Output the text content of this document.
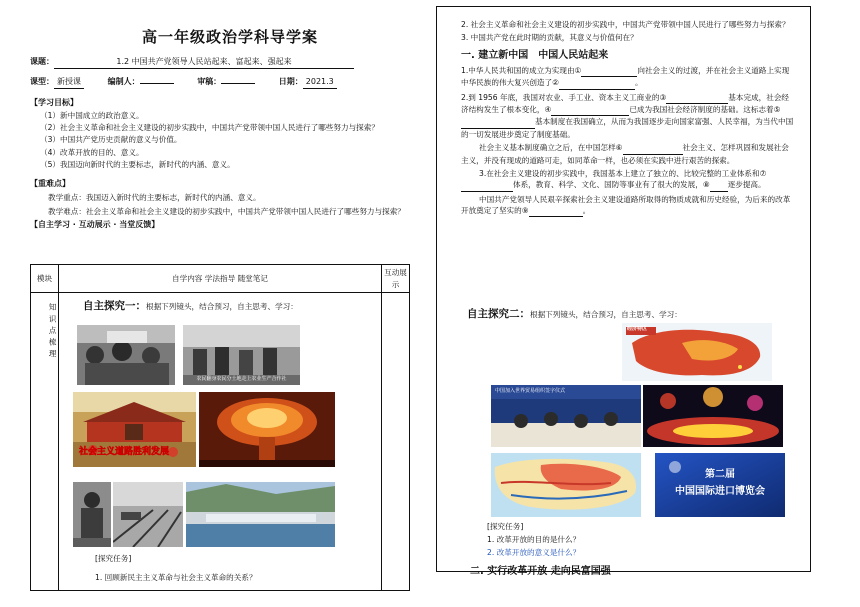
高一年级政治学科导学案
课题：	1.2 中国共产党领导人民站起来、富起来、强起来
课型： 新授课	编制人：	审稿：	日期： 2021.3
【学习目标】
（1）新中国成立的政治意义。
（2）社会主义革命和社会主义建设的初步实践中，中国共产党带领中国人民进行了哪些努力与探索？
（3）中国共产党历史贡献的意义与价值。
（4）改革开放的目的、意义。
（5）我国迈向新时代的主要标志，新时代的内涵、意义。
【重难点】
教学重点：我国迈入新时代的主要标志，新时代的内涵、意义。
教学难点：社会主义革命和社会主义建设的初步实践中，中国共产党带领中国人民进行了哪些努力与探索？
【自主学习 · 互动展示 · 当堂反馈】
模块	自学内容 学法指导 随堂笔记
互动展示
知识点梳理 自主探究一：根据下列镜头，结合预习，自主思考、学习：
农民翻身农民分土地走上农业生产合作社
社会主义道路胜利发展
[探究任务]
1. 回顾新民主主义革命与社会主义革命的关系？
2. 社会主义革命和社会主义建设的初步实践中，中国共产党带领中国人民进行了哪些努力与探索？
3. 中国共产党在此时期的贡献，其意义与价值何在？
一. 建立新中国　中国人民站起来
1.中华人民共和国的成立为实现由①	向社会主义的过渡，并在社会主义道路上实现中华民族的伟大复兴创造了②	。
2.到 1956 年底，我国对农业、手工业、资本主义工商业的③	基本完成，社会经济结构发生了根本变化，④	已成为我国社会经济制度的基础。这标志着⑤ 基本制度在我国确立，从而为我国逐步走向国家富强、人民幸福，为当代中国的一切发展进步奠定了制度基础。
社会主义基本制度确立之后，在中国怎样⑥	社会主义、怎样巩固和发展社会主义，并没有现成的道路可走，如同革命一样，也必须在实践中进行艰苦的探索。
3.在社会主义建设的初步实践中，我国基本上建立了独立的、比较完整的工业体系和⑦ 体系，教育、科学、文化、国防等事业有了很大的发展，⑧ 逐步提高。
中国共产党领导人民艰辛探索社会主义建设道路所取得的物质成就和历史经验，为后来的改革开放奠定了坚实的⑨	。
自主探究二：根据下列镜头，结合预习，自主思考、学习：
经济特区
中国加入世界贸易组织签字仪式
第二届
中国国际进口博览会
[探究任务]
1. 改革开放的目的是什么？
2. 改革开放的意义是什么？
二. 实行改革开放 走向民富国强
